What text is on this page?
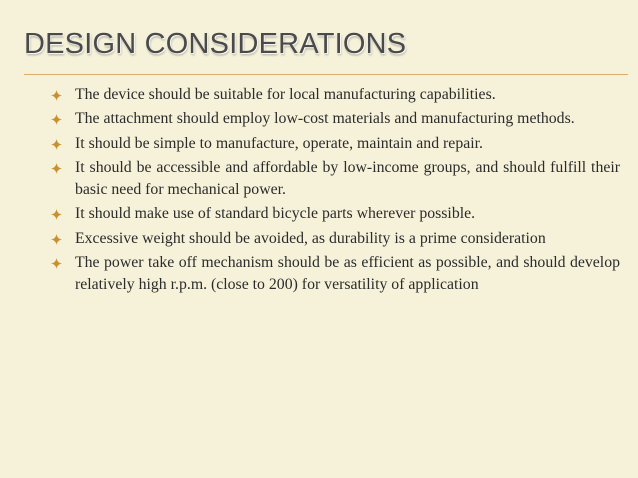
DESIGN CONSIDERATIONS
The device should be suitable for local manufacturing capabilities.
The attachment should employ low-cost materials and manufacturing methods.
It should be simple to manufacture, operate, maintain and repair.
It should be accessible and affordable by low-income groups, and should fulfill their basic need for mechanical power.
It should make use of standard bicycle parts wherever possible.
Excessive weight should be avoided, as durability is a prime consideration
The power take off mechanism should be as efficient as possible, and should develop relatively high r.p.m. (close to 200) for versatility of application
